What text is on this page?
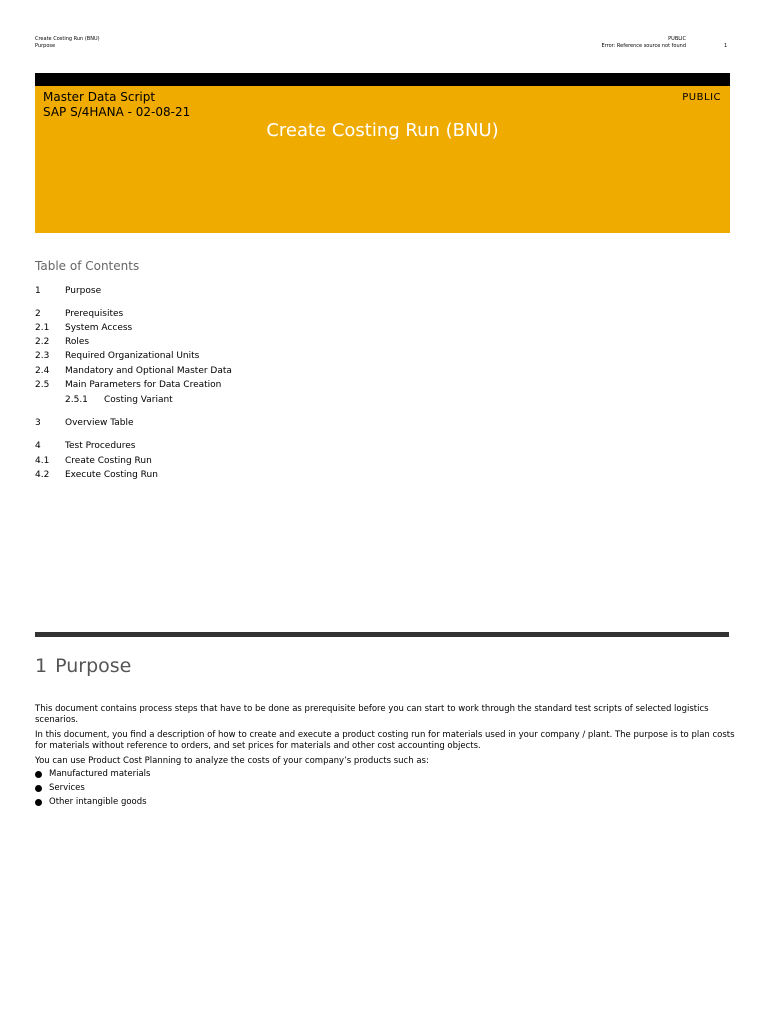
Create Costing Run (BNU)
Purpose
PUBLIC
Error: Reference source not found	1
Master Data Script
SAP S/4HANA - 02-08-21
PUBLIC
Create Costing Run (BNU)
Table of Contents
1	Purpose
2	Prerequisites
2.1 System Access
2.2 Roles
2.3 Required Organizational Units
2.4 Mandatory and Optional Master Data
2.5 Main Parameters for Data Creation
2.5.1 Costing Variant
3	Overview Table
4	Test Procedures
4.1 Create Costing Run
4.2 Execute Costing Run
1 Purpose
This document contains process steps that have to be done as prerequisite before you can start to work through the standard test scripts of selected logistics scenarios.
In this document, you find a description of how to create and execute a product costing run for materials used in your company / plant. The purpose is to plan costs for materials without reference to orders, and set prices for materials and other cost accounting objects.
You can use Product Cost Planning to analyze the costs of your company’s products such as:
Manufactured materials
Services
Other intangible goods
